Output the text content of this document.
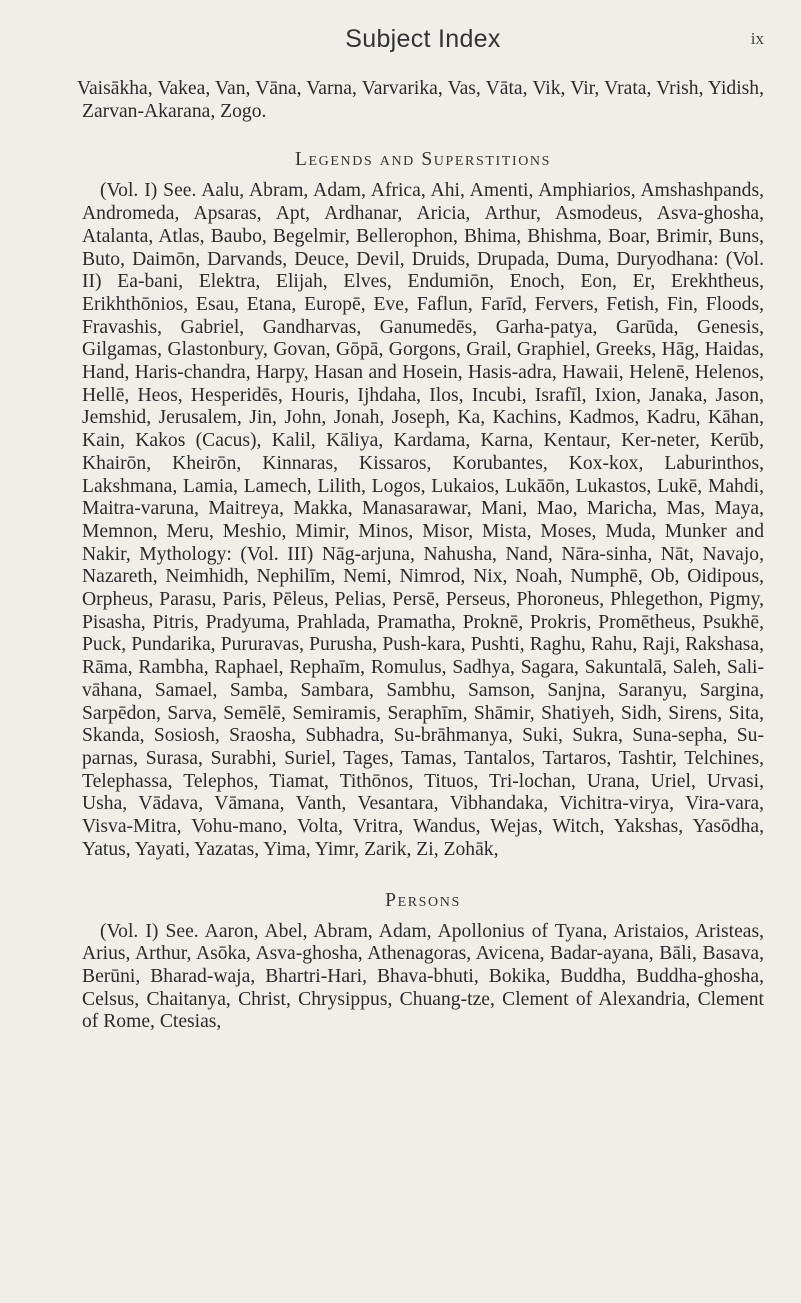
Subject Index	ix

Vaisākha, Vakea, Van, Vāna, Varna, Varvarika, Vas, Vāta, Vik, Vir, Vrata, Vrish, Yidish, Zarvan-Akarana, Zogo.

Legends and Superstitions

(Vol. I) See. Aalu, Abram, Adam, Africa, Ahi, Amenti, Amphiarios, Amshashpands, Andromeda, Apsaras, Apt, Ardhanar, Aricia, Arthur, Asmodeus, Asva-ghosha, Atalanta, Atlas, Baubo, Begelmir, Bellerophon, Bhima, Bhishma, Boar, Brimir, Buns, Buto, Daimōn, Darvands, Deuce, Devil, Druids, Drupada, Duma, Duryodhana: (Vol. II) Ea-bani, Elektra, Elijah, Elves, Endumiōn, Enoch, Eon, Er, Erekhtheus, Erikhthōnios, Esau, Etana, Europē, Eve, Faflun, Farīd, Fervers, Fetish, Fin, Floods, Fravashis, Gabriel, Gandharvas, Ganumedēs, Garha-patya, Garūda, Genesis, Gilgamas, Glastonbury, Govan, Gōpā, Gorgons, Grail, Graphiel, Greeks, Hāg, Haidas, Hand, Haris-chandra, Harpy, Hasan and Hosein, Hasis-adra, Hawaii, Helenē, Helenos, Hellē, Heos, Hesperidēs, Houris, Ijhdaha, Ilos, Incubi, Israfīl, Ixion, Janaka, Jason, Jemshid, Jerusalem, Jin, John, Jonah, Joseph, Ka, Kachins, Kadmos, Kadru, Kāhan, Kain, Kakos (Cacus), Kalil, Kāliya, Kardama, Karna, Kentaur, Ker-neter, Kerūb, Khairōn, Kheirōn, Kinnaras, Kissaros, Korubantes, Kox-kox, Laburinthos, Lakshmana, Lamia, Lamech, Lilith, Logos, Lukaios, Lukāōn, Lukastos, Lukē, Mahdi, Maitra-varuna, Maitreya, Makka, Manasarawar, Mani, Mao, Maricha, Mas, Maya, Memnon, Meru, Meshio, Mimir, Minos, Misor, Mista, Moses, Muda, Munker and Nakir, Mythology: (Vol. III) Nāg-arjuna, Nahusha, Nand, Nāra-sinha, Nāt, Navajo, Nazareth, Neimhidh, Nephilīm, Nemi, Nimrod, Nix, Noah, Numphē, Ob, Oidipous, Orpheus, Parasu, Paris, Pēleus, Pelias, Persē, Perseus, Phoroneus, Phlegethon, Pigmy, Pisasha, Pitris, Pradyuma, Prahlada, Pramatha, Proknē, Prokris, Promētheus, Psukhē, Puck, Pundarika, Pururavas, Purusha, Push-kara, Pushti, Raghu, Rahu, Raji, Rakshasa, Rāma, Rambha, Raphael, Rephaīm, Romulus, Sadhya, Sagara, Sakuntalā, Saleh, Sali-vāhana, Samael, Samba, Sambara, Sambhu, Samson, Sanjna, Saranyu, Sargina, Sarpēdon, Sarva, Semēlē, Semiramis, Seraphīm, Shāmir, Shatiyeh, Sidh, Sirens, Sita, Skanda, Sosiosh, Sraosha, Subhadra, Su-brāhmanya, Suki, Sukra, Suna-sepha, Su-parnas, Surasa, Surabhi, Suriel, Tages, Tamas, Tantalos, Tartaros, Tashtir, Telchines, Telephassa, Telephos, Tiamat, Tithōnos, Tituos, Tri-lochan, Urana, Uriel, Urvasi, Usha, Vādava, Vāmana, Vanth, Vesantara, Vibhandaka, Vichitra-virya, Vira-vara, Visva-Mitra, Vohu-mano, Volta, Vritra, Wandus, Wejas, Witch, Yakshas, Yasōdha, Yatus, Yayati, Yazatas, Yima, Yimr, Zarik, Zi, Zohāk,

Persons

(Vol. I) See. Aaron, Abel, Abram, Adam, Apollonius of Tyana, Aristaios, Aristeas, Arius, Arthur, Asōka, Asva-ghosha, Athenagoras, Avicena, Badar-ayana, Bāli, Basava, Berūni, Bharad-waja, Bhartri-Hari, Bhava-bhuti, Bokika, Buddha, Buddha-ghosha, Celsus, Chaitanya, Christ, Chrysippus, Chuang-tze, Clement of Alexandria, Clement of Rome, Ctesias,
